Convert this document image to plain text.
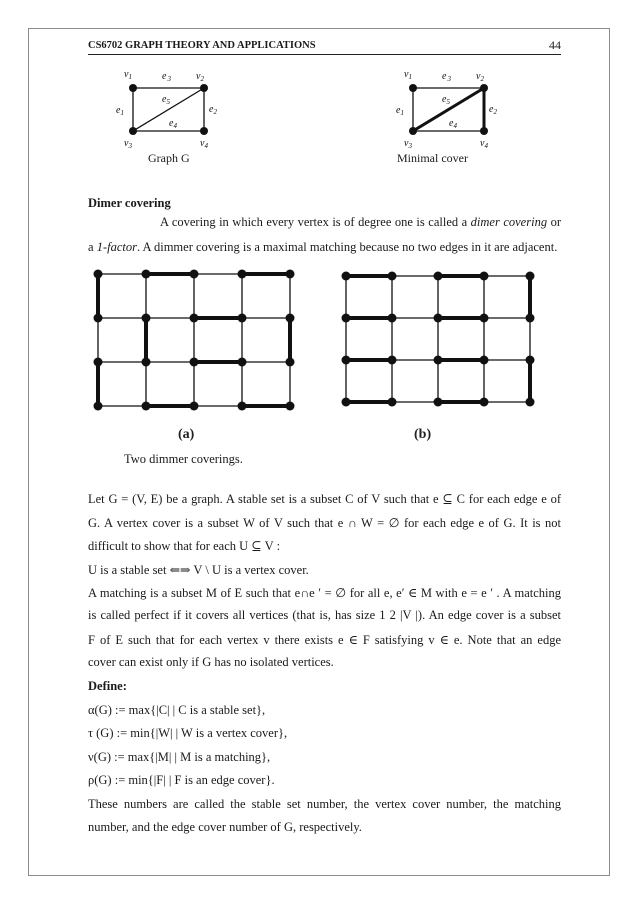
CS6702 GRAPH THEORY AND APPLICATIONS	44
$v_1$	$v_2$
$v_3$	$v_4$
$e_3$
$e_2$
$e_4$
$e_1$
$e_5$
Graph G
$v_1$	$v_2$
$v_3$	$v_4$
$e_3$
$e_2$
$e_4$
$e_1$
$e_5$
Minimal cover
Dimer covering
A covering in which every vertex is of degree one is called a dimer covering or a 1-factor. A dimmer covering is a maximal matching because no two edges in it are adjacent.
(a)	(b)
Two dimmer coverings.
Let G = (V, E) be a graph. A stable set is a subset C of V such that e ⊆ C for each edge e of
G. A vertex cover is a subset W of V such that e ∩ W = ∅ for each edge e of G. It is not
difficult to show that for each U ⊆ V :
U is a stable set ⇐⇒ V \ U is a vertex cover.
A matching is a subset M of E such that e∩e ′ = ∅ for all e, e′ ∈ M with e = e ′ . A matching
is called perfect if it covers all vertices (that is, has size 1 2 |V |). An edge cover is a subset
F of E such that for each vertex v there exists e ∈ F satisfying v ∈ e. Note that an edge
cover can exist only if G has no isolated vertices.
Define:
α(G) := max{|C| | C is a stable set},
τ (G) := min{|W| | W is a vertex cover},
ν(G) := max{|M| | M is a matching},
ρ(G) := min{|F| | F is an edge cover}.
These numbers are called the stable set number, the vertex cover number, the matching
number, and the edge cover number of G, respectively.
